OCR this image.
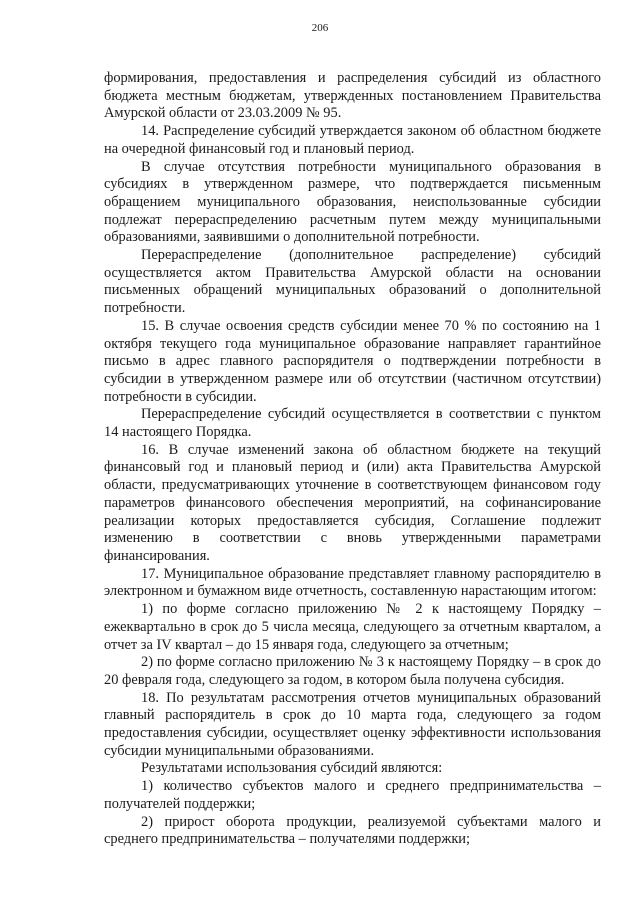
206

формирования, предоставления и распределения субсидий из областного бюджета местным бюджетам, утвержденных постановлением Правительства Амурской области от 23.03.2009 № 95.

14. Распределение субсидий утверждается законом об областном бюджете на очередной финансовый год и плановый период.

В случае отсутствия потребности муниципального образования в субсидиях в утвержденном размере, что подтверждается письменным обращением муниципального образования, неиспользованные субсидии подлежат перераспределению расчетным путем между муниципальными образованиями, заявившими о дополнительной потребности.

Перераспределение (дополнительное распределение) субсидий осуществляется актом Правительства Амурской области на основании письменных обращений муниципальных образований о дополнительной потребности.

15. В случае освоения средств субсидии менее 70 % по состоянию на 1 октября текущего года муниципальное образование направляет гарантийное письмо в адрес главного распорядителя о подтверждении потребности в субсидии в утвержденном размере или об отсутствии (частичном отсутствии) потребности в субсидии.

Перераспределение субсидий осуществляется в соответствии с пунктом 14 настоящего Порядка.

16. В случае изменений закона об областном бюджете на текущий финансовый год и плановый период и (или) акта Правительства Амурской области, предусматривающих уточнение в соответствующем финансовом году параметров финансового обеспечения мероприятий, на софинансирование реализации которых предоставляется субсидия, Соглашение подлежит изменению в соответствии с вновь утвержденными параметрами финансирования.

17. Муниципальное образование представляет главному распорядителю в электронном и бумажном виде отчетность, составленную нарастающим итогом:

1) по форме согласно приложению № 2 к настоящему Порядку – ежеквартально в срок до 5 числа месяца, следующего за отчетным кварталом, а отчет за IV квартал – до 15 января года, следующего за отчетным;

2) по форме согласно приложению № 3 к настоящему Порядку – в срок до 20 февраля года, следующего за годом, в котором была получена субсидия.

18. По результатам рассмотрения отчетов муниципальных образований главный распорядитель в срок до 10 марта года, следующего за годом предоставления субсидии, осуществляет оценку эффективности использования субсидии муниципальными образованиями.

Результатами использования субсидий являются:

1) количество субъектов малого и среднего предпринимательства – получателей поддержки;

2) прирост оборота продукции, реализуемой субъектами малого и среднего предпринимательства – получателями поддержки;
